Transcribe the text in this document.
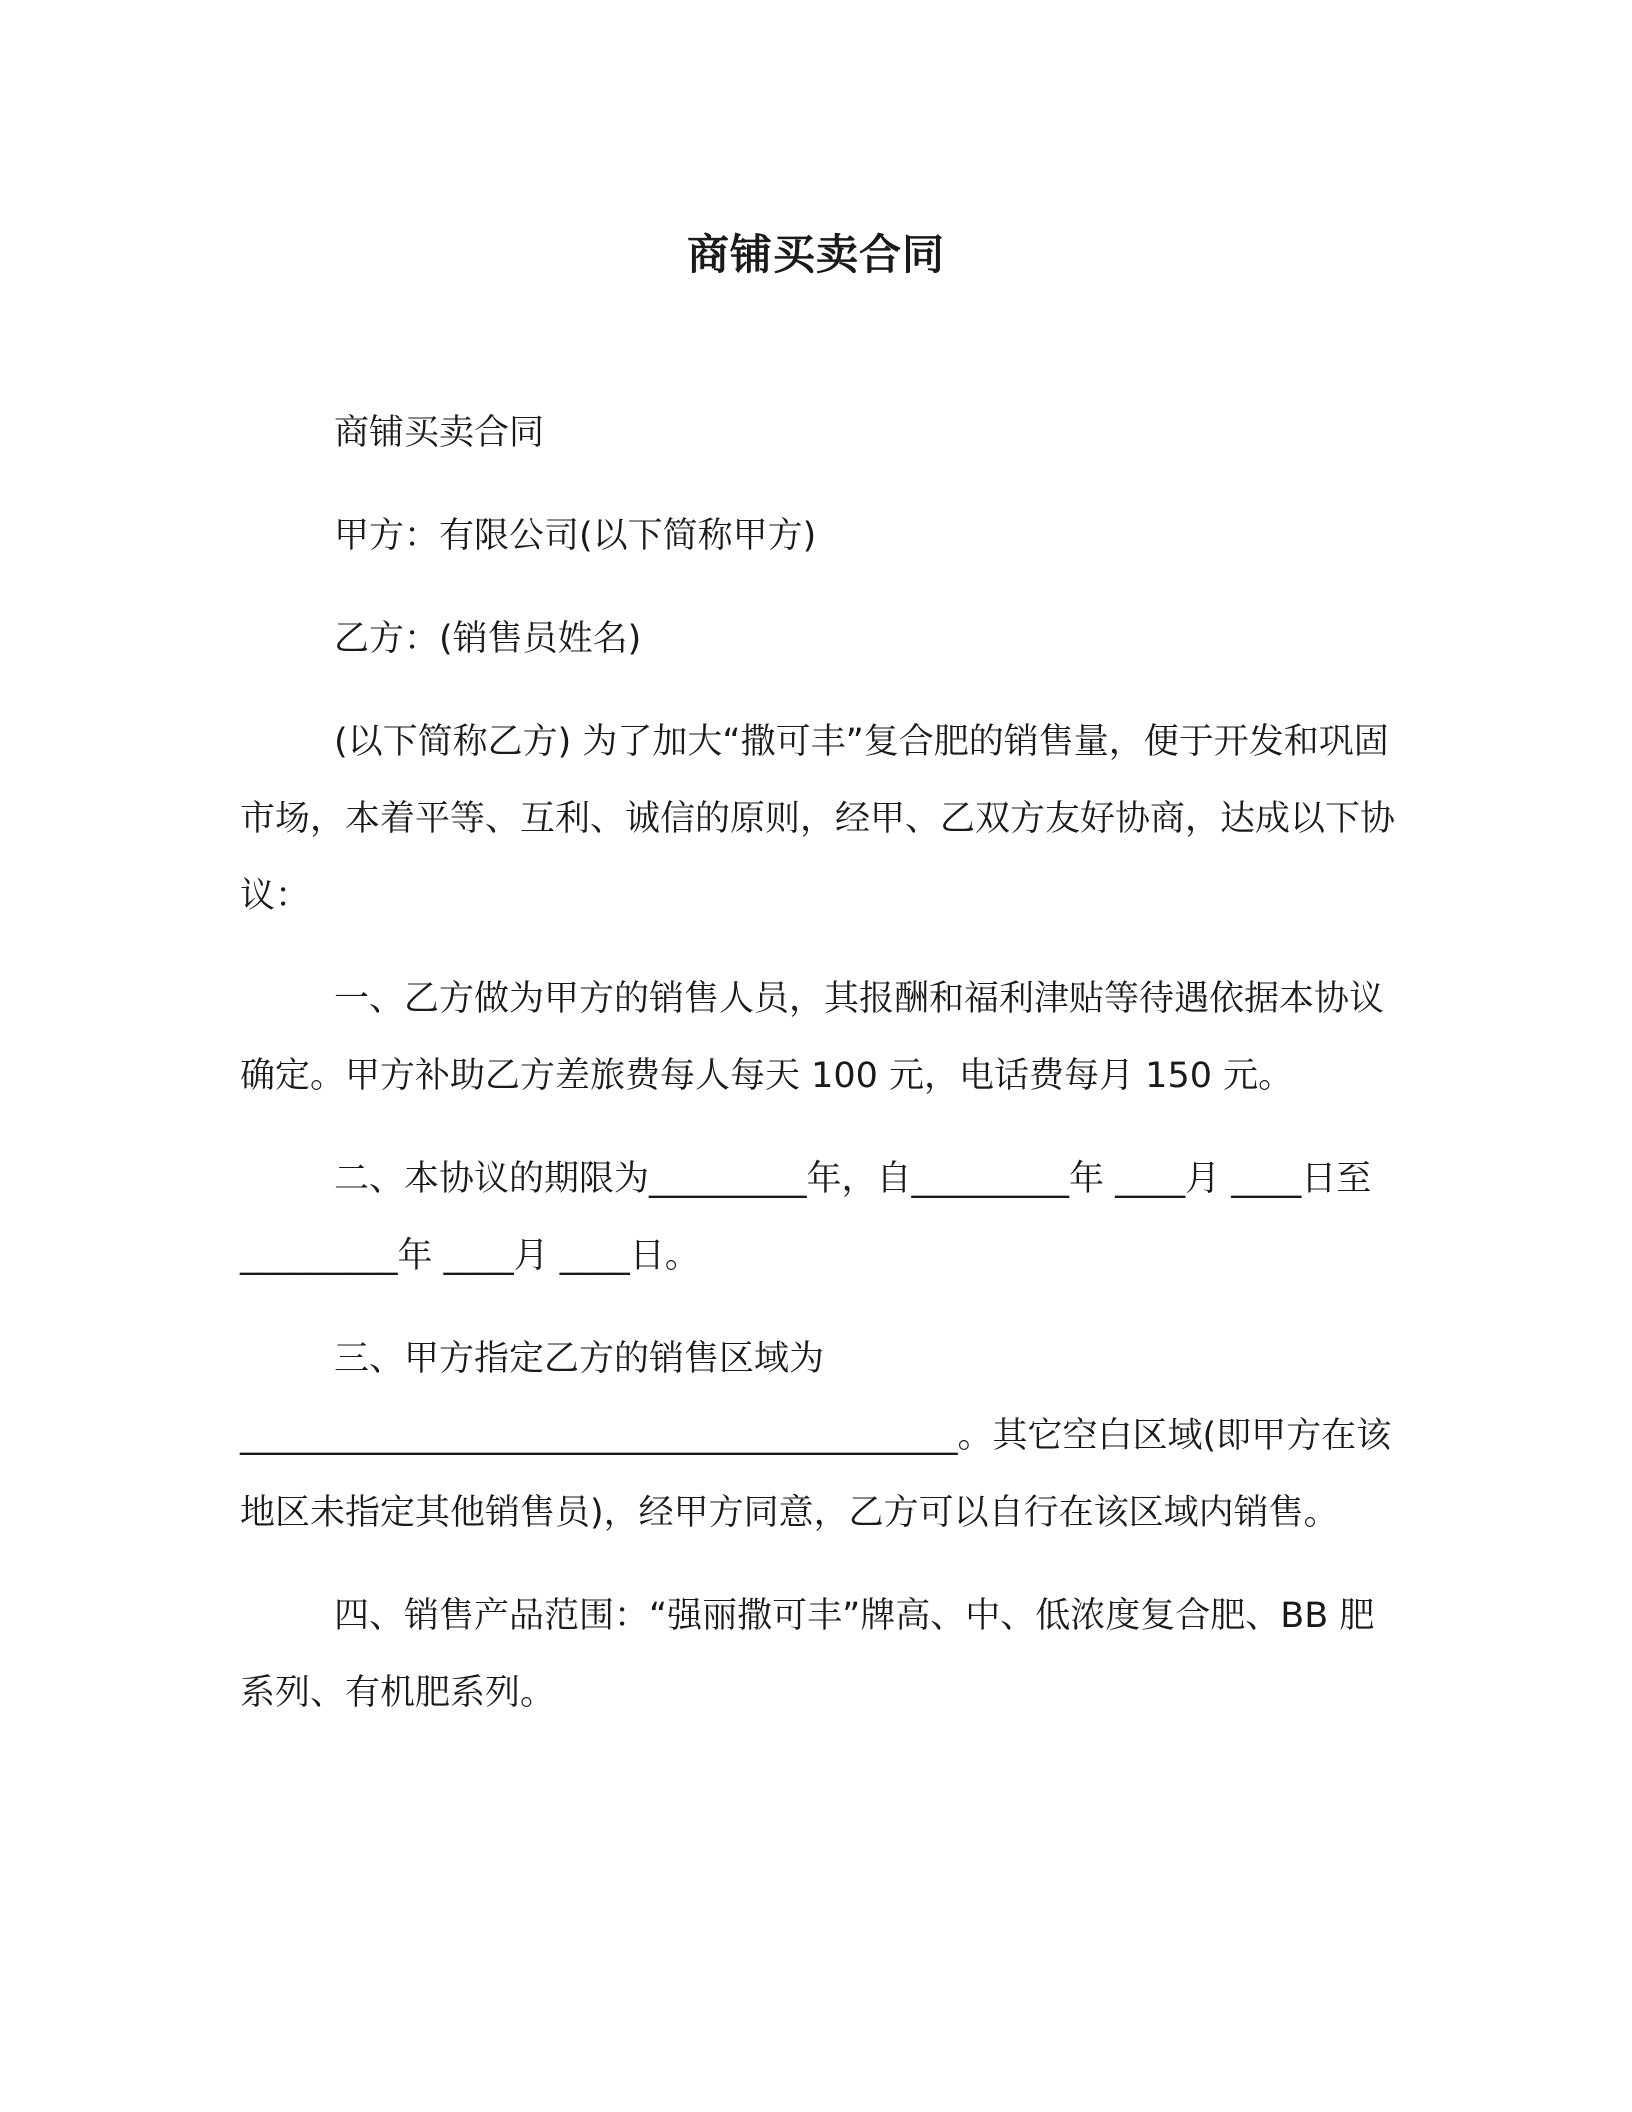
商铺买卖合同

商铺买卖合同

甲方：有限公司(以下简称甲方)

乙方：(销售员姓名)

(以下简称乙方) 为了加大“撒可丰”复合肥的销售量，便于开发和巩固市场，本着平等、互利、诚信的原则，经甲、乙双方友好协商，达成以下协议：

一、乙方做为甲方的销售人员，其报酬和福利津贴等待遇依据本协议确定。甲方补助乙方差旅费每人每天 100 元，电话费每月 150 元。

二、本协议的期限为_________年，自_________年 ____月 ____日至_________年 ____月 ____日。

三、甲方指定乙方的销售区域为_________________________________________。其它空白区域(即甲方在该地区未指定其他销售员)，经甲方同意，乙方可以自行在该区域内销售。

四、销售产品范围：“强丽撒可丰”牌高、中、低浓度复合肥、BB 肥系列、有机肥系列。
